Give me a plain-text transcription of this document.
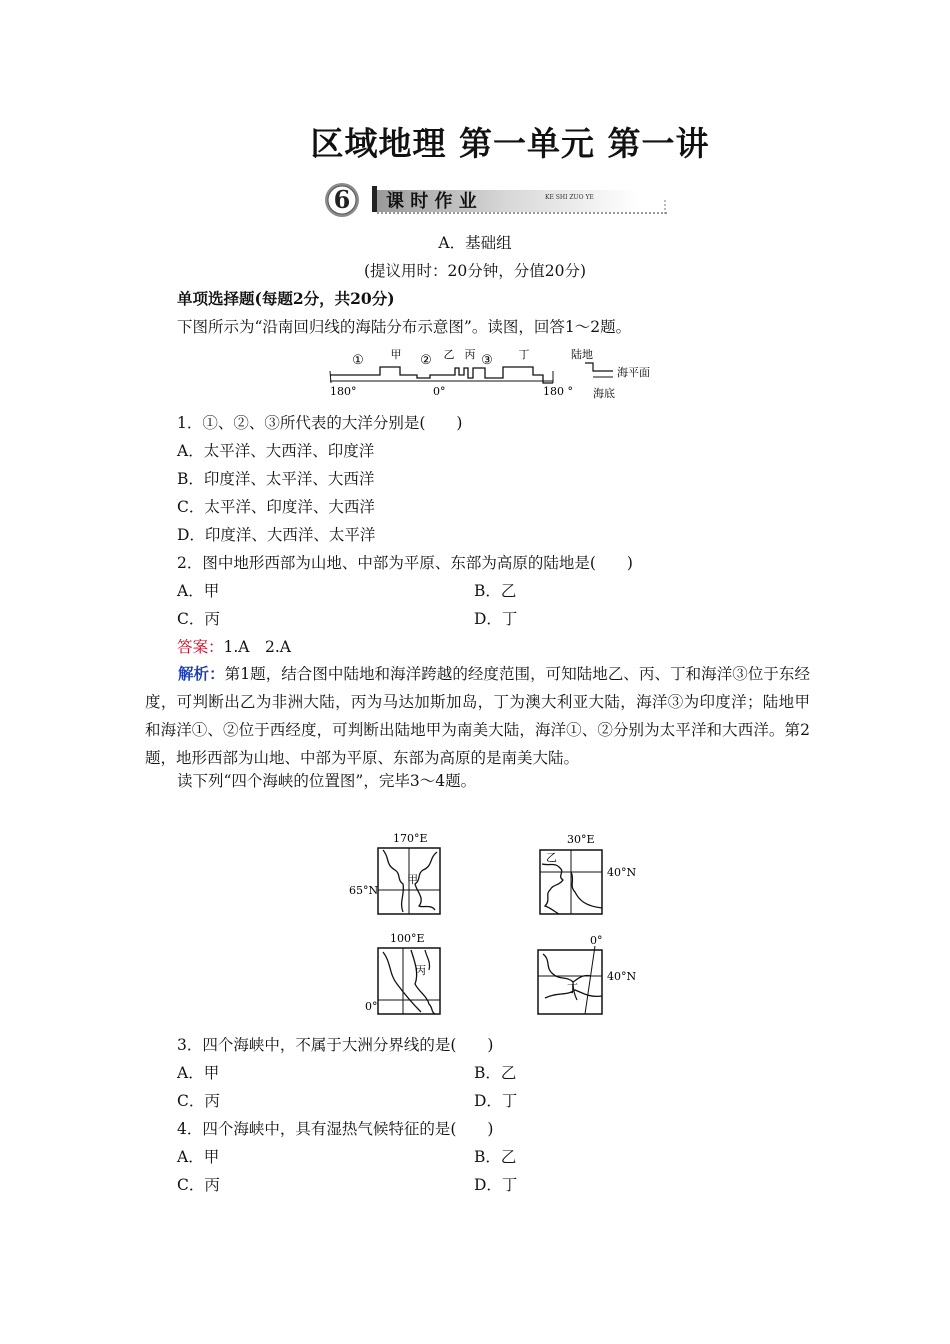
区域地理 第一单元 第一讲
6 课 时 作 业	KE SHI ZUO YE
A．基础组
(提议用时：20分钟，分值20分)
单项选择题(每题2分，共20分)
下图所示为“沿南回归线的海陆分布示意图”。读图，回答1～2题。
① 甲 ② 乙 丙 ③ 丁
180°	0°	180 °
陆地
海平面
海底
1．①、②、③所代表的大洋分别是(　　)
A．太平洋、大西洋、印度洋
B．印度洋、太平洋、大西洋
C．太平洋、印度洋、大西洋
D．印度洋、大西洋、太平洋
2．图中地形西部为山地、中部为平原、东部为高原的陆地是(　　)
A．甲	B．乙
C．丙	D．丁
答案：1.A　2.A
解析：第1题，结合图中陆地和海洋跨越的经度范围，可知陆地乙、丙、丁和海洋③位于东经度，可判断出乙为非洲大陆，丙为马达加斯加岛，丁为澳大利亚大陆，海洋③为印度洋；陆地甲和海洋①、②位于西经度，可判断出陆地甲为南美大陆，海洋①、②分别为太平洋和大西洋。第2题，地形西部为山地、中部为平原、东部为高原的是南美大陆。
读下列“四个海峡的位置图”，完毕3～4题。
170°E
65°N
甲
30°E
40°N
乙
100°E
0°
丙
0°
40°N
丁
3．四个海峡中，不属于大洲分界线的是(　　)
A．甲	B．乙
C．丙	D．丁
4．四个海峡中，具有湿热气候特征的是(　　)
A．甲	B．乙
C．丙	D．丁
